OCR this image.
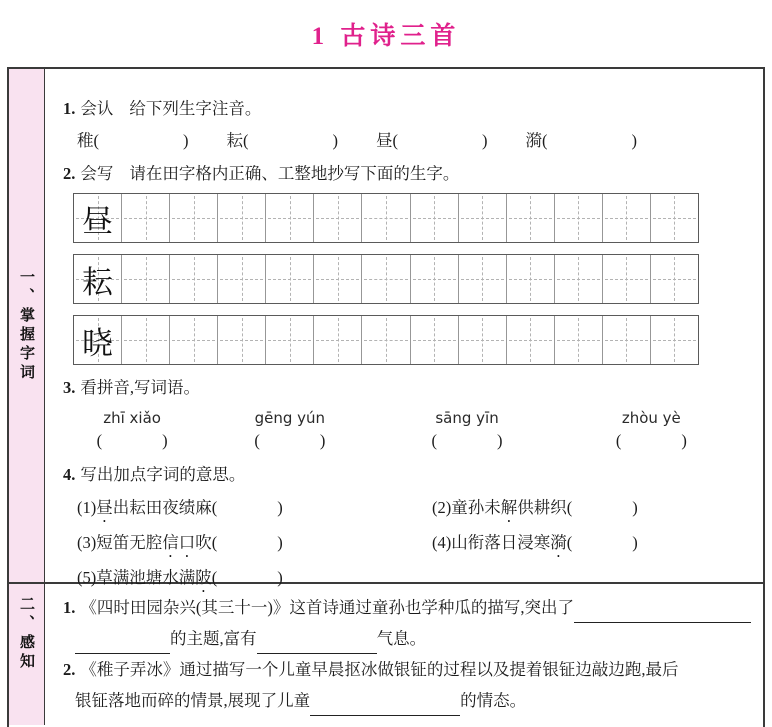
1 古诗三首
一、掌握字词
1. 会认 给下列生字注音。
稚 (	) 耘 (	) 昼 (	) 漪 (	)
2. 会写 请在田字格内正确、工整地抄写下面的生字。
昼
耘
晓
3. 看拼音,写词语。
zhī xiǎo
(	)
gēng yún
(	)
sāng yīn
(	)
zhòu yè
(	)
4. 写出加点字词的意思。
(1)昼出耘田夜绩麻 (	)	(2)童孙未解供耕织 (	)
(3)短笛无腔信口吹 (	)	(4)山衔落日浸寒漪 (	)
(5)草满池塘水满陂 (	)
二、感知 1. 《四时田园杂兴(其三十一)》这首诗通过童孙也学种瓜的描写,突出了
的主题,富有	气息。
2. 《稚子弄冰》通过描写一个儿童早晨抠冰做银钲的过程以及提着银钲边敲边跑,最后
银钲落地而碎的情景,展现了儿童	的情态。
